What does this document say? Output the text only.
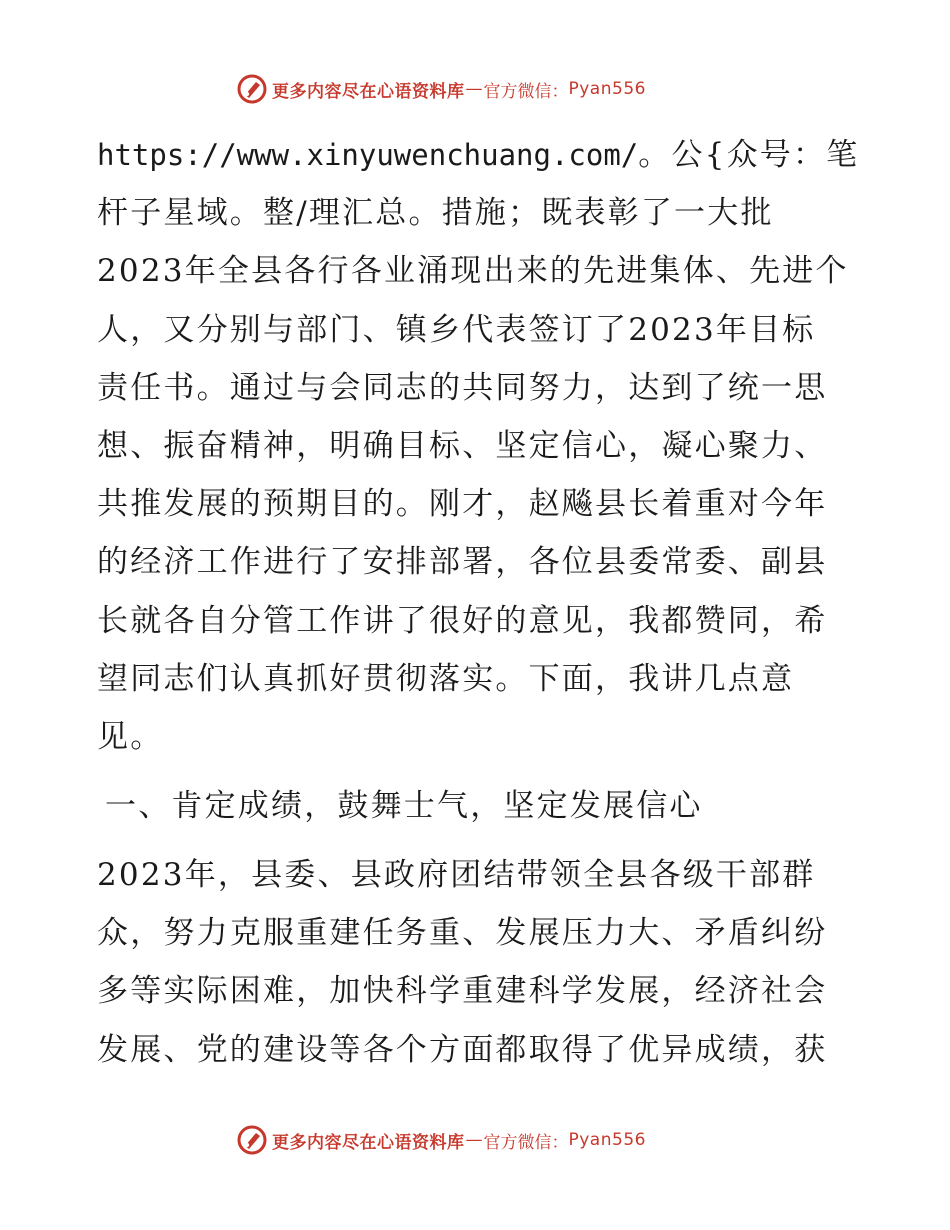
更多内容尽在心语资料库 — 官方微信： Pyan556
https://www.xinyuwenchuang.com/。公{众号：笔
杆子星域。整/理汇总。措施；既表彰了一大批
2023年全县各行各业涌现出来的先进集体、先进个
人，又分别与部门、镇乡代表签订了2023年目标
责任书。通过与会同志的共同努力，达到了统一思
想、振奋精神，明确目标、坚定信心，凝心聚力、
共推发展的预期目的。刚才，赵飚县长着重对今年
的经济工作进行了安排部署，各位县委常委、副县
长就各自分管工作讲了很好的意见，我都赞同，希
望同志们认真抓好贯彻落实。下面，我讲几点意
见。
一、肯定成绩，鼓舞士气，坚定发展信心
2023年，县委、县政府团结带领全县各级干部群
众，努力克服重建任务重、发展压力大、矛盾纠纷
多等实际困难，加快科学重建科学发展，经济社会
发展、党的建设等各个方面都取得了优异成绩，获
更多内容尽在心语资料库 — 官方微信： Pyan556
